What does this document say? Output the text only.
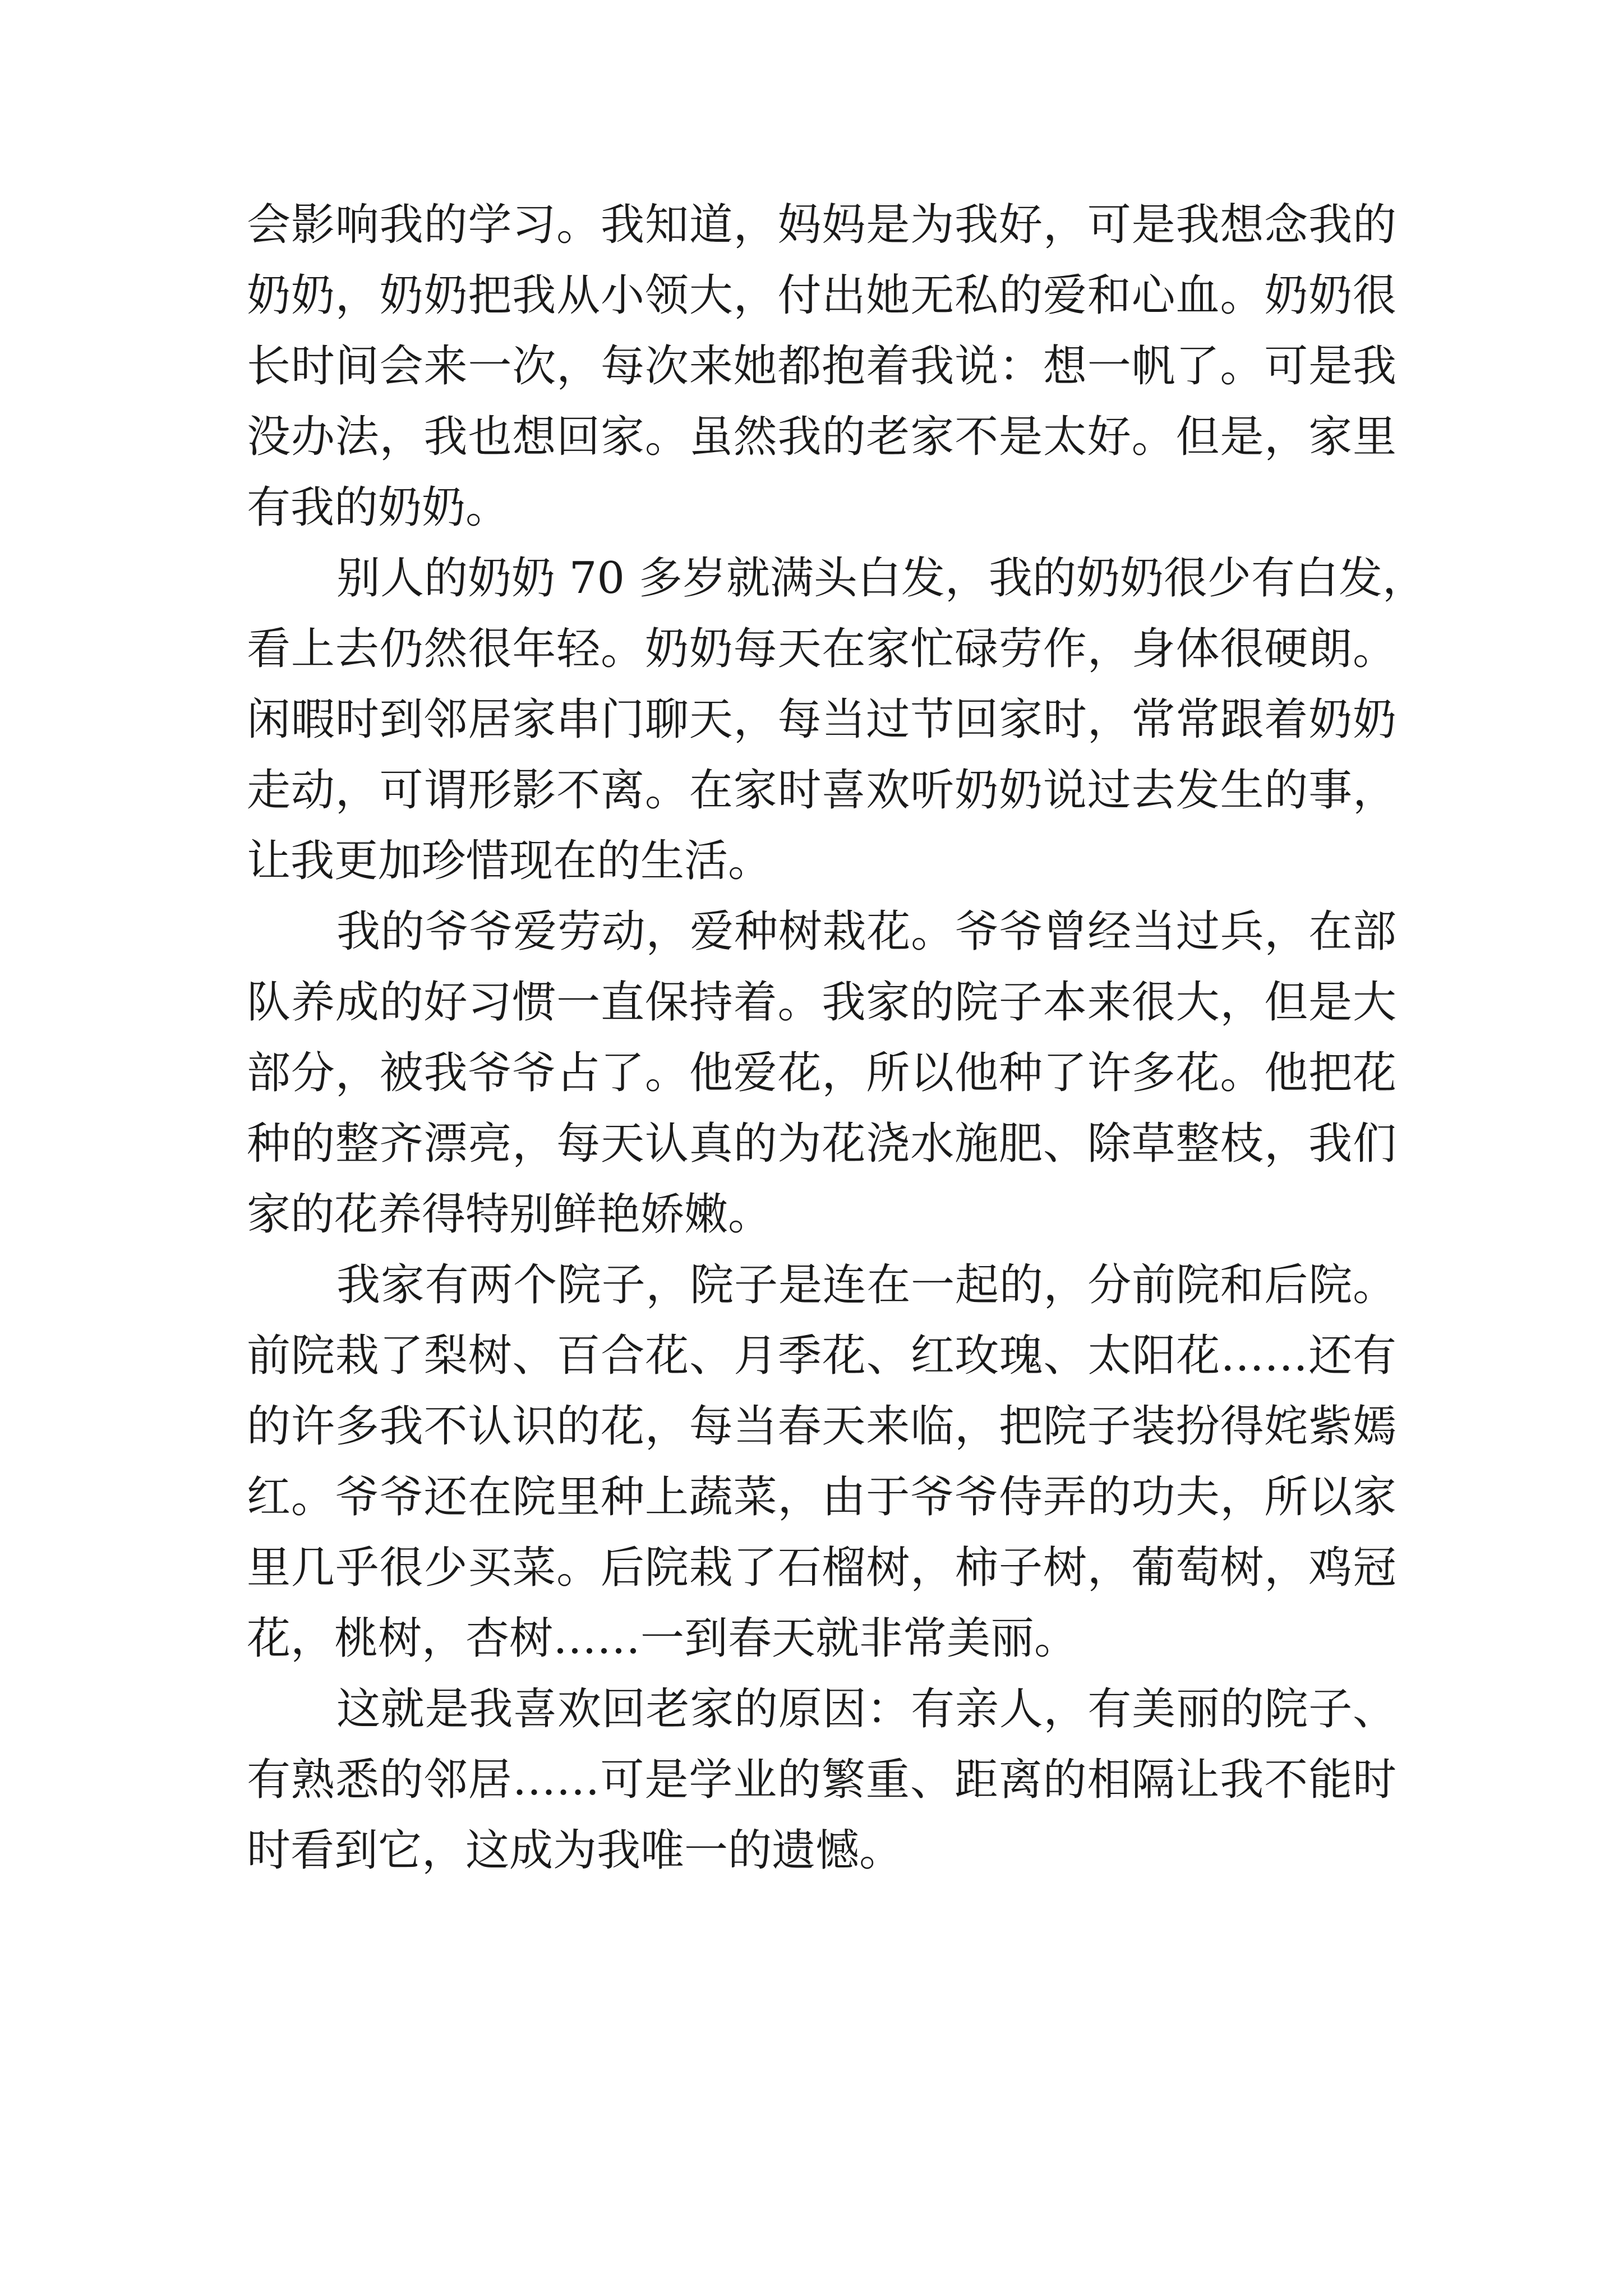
会影响我的学习。我知道，妈妈是为我好，可是我想念我的
奶奶，奶奶把我从小领大，付出她无私的爱和心血。奶奶很
长时间会来一次，每次来她都抱着我说：想一帆了。可是我
没办法，我也想回家。虽然我的老家不是太好。但是，家里
有我的奶奶。
别人的奶奶 70 多岁就满头白发，我的奶奶很少有白发，
看上去仍然很年轻。奶奶每天在家忙碌劳作，身体很硬朗。
闲暇时到邻居家串门聊天，每当过节回家时，常常跟着奶奶
走动，可谓形影不离。在家时喜欢听奶奶说过去发生的事，
让我更加珍惜现在的生活。
我的爷爷爱劳动，爱种树栽花。爷爷曾经当过兵，在部
队养成的好习惯一直保持着。我家的院子本来很大，但是大
部分，被我爷爷占了。他爱花，所以他种了许多花。他把花
种的整齐漂亮，每天认真的为花浇水施肥、除草整枝，我们
家的花养得特别鲜艳娇嫩。
我家有两个院子，院子是连在一起的，分前院和后院。
前院栽了梨树、百合花、月季花、红玫瑰、太阳花……还有
的许多我不认识的花，每当春天来临，把院子装扮得姹紫嫣
红。爷爷还在院里种上蔬菜，由于爷爷侍弄的功夫，所以家
里几乎很少买菜。后院栽了石榴树，柿子树，葡萄树，鸡冠
花，桃树，杏树……一到春天就非常美丽。
这就是我喜欢回老家的原因：有亲人，有美丽的院子、
有熟悉的邻居……可是学业的繁重、距离的相隔让我不能时
时看到它，这成为我唯一的遗憾。
